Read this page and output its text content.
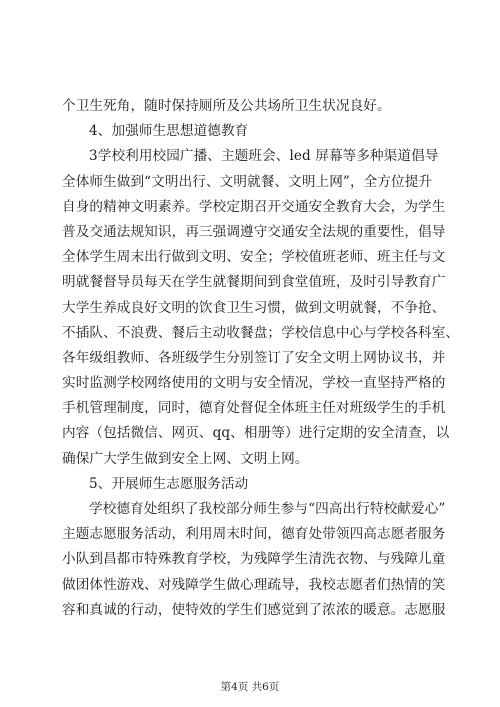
个卫生死角，随时保持厕所及公共场所卫生状况良好。
4、加强师生思想道德教育
3学校利用校园广播、主题班会、led 屏幕等多种渠道倡导
全体师生做到“文明出行、文明就餐、文明上网”，全方位提升
自身的精神文明素养。学校定期召开交通安全教育大会，为学生
普及交通法规知识，再三强调遵守交通安全法规的重要性，倡导
全体学生周末出行做到文明、安全；学校值班老师、班主任与文
明就餐督导员每天在学生就餐期间到食堂值班，及时引导教育广
大学生养成良好文明的饮食卫生习惯，做到文明就餐，不争抢、
不插队、不浪费、餐后主动收餐盘；学校信息中心与学校各科室、
各年级组教师、各班级学生分别签订了安全文明上网协议书，并
实时监测学校网络使用的文明与安全情况，学校一直坚持严格的
手机管理制度，同时，德育处督促全体班主任对班级学生的手机
内容（包括微信、网页、qq、相册等）进行定期的安全清查，以
确保广大学生做到安全上网、文明上网。
5、开展师生志愿服务活动
学校德育处组织了我校部分师生参与“四高出行特校献爱心”
主题志愿服务活动，利用周末时间，德育处带领四高志愿者服务
小队到昌都市特殊教育学校，为残障学生清洗衣物、与残障儿童
做团体性游戏、对残障学生做心理疏导，我校志愿者们热情的笑
容和真诚的行动，使特效的学生们感觉到了浓浓的暖意。志愿服
第4页 共6页
